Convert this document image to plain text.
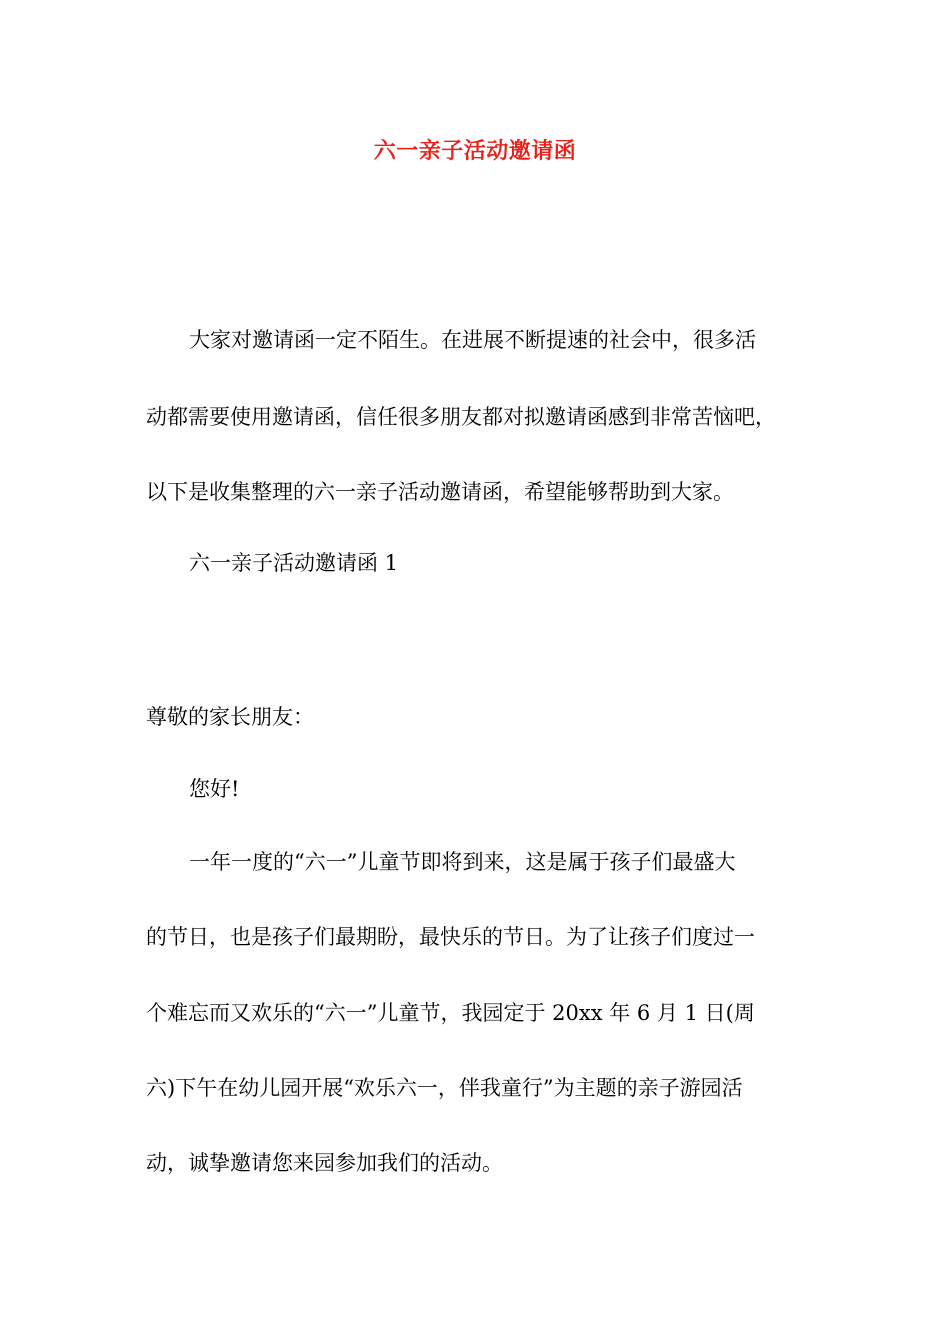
六一亲子活动邀请函
大家对邀请函一定不陌生。在进展不断提速的社会中，很多活
动都需要使用邀请函，信任很多朋友都对拟邀请函感到非常苦恼吧，
以下是收集整理的六一亲子活动邀请函，希望能够帮助到大家。
六一亲子活动邀请函 1
尊敬的家长朋友：
您好!
一年一度的“六一”儿童节即将到来，这是属于孩子们最盛大
的节日，也是孩子们最期盼，最快乐的节日。为了让孩子们度过一
个难忘而又欢乐的“六一”儿童节，我园定于 20xx 年 6 月 1 日(周
六)下午在幼儿园开展“欢乐六一，伴我童行”为主题的亲子游园活
动，诚挚邀请您来园参加我们的活动。
